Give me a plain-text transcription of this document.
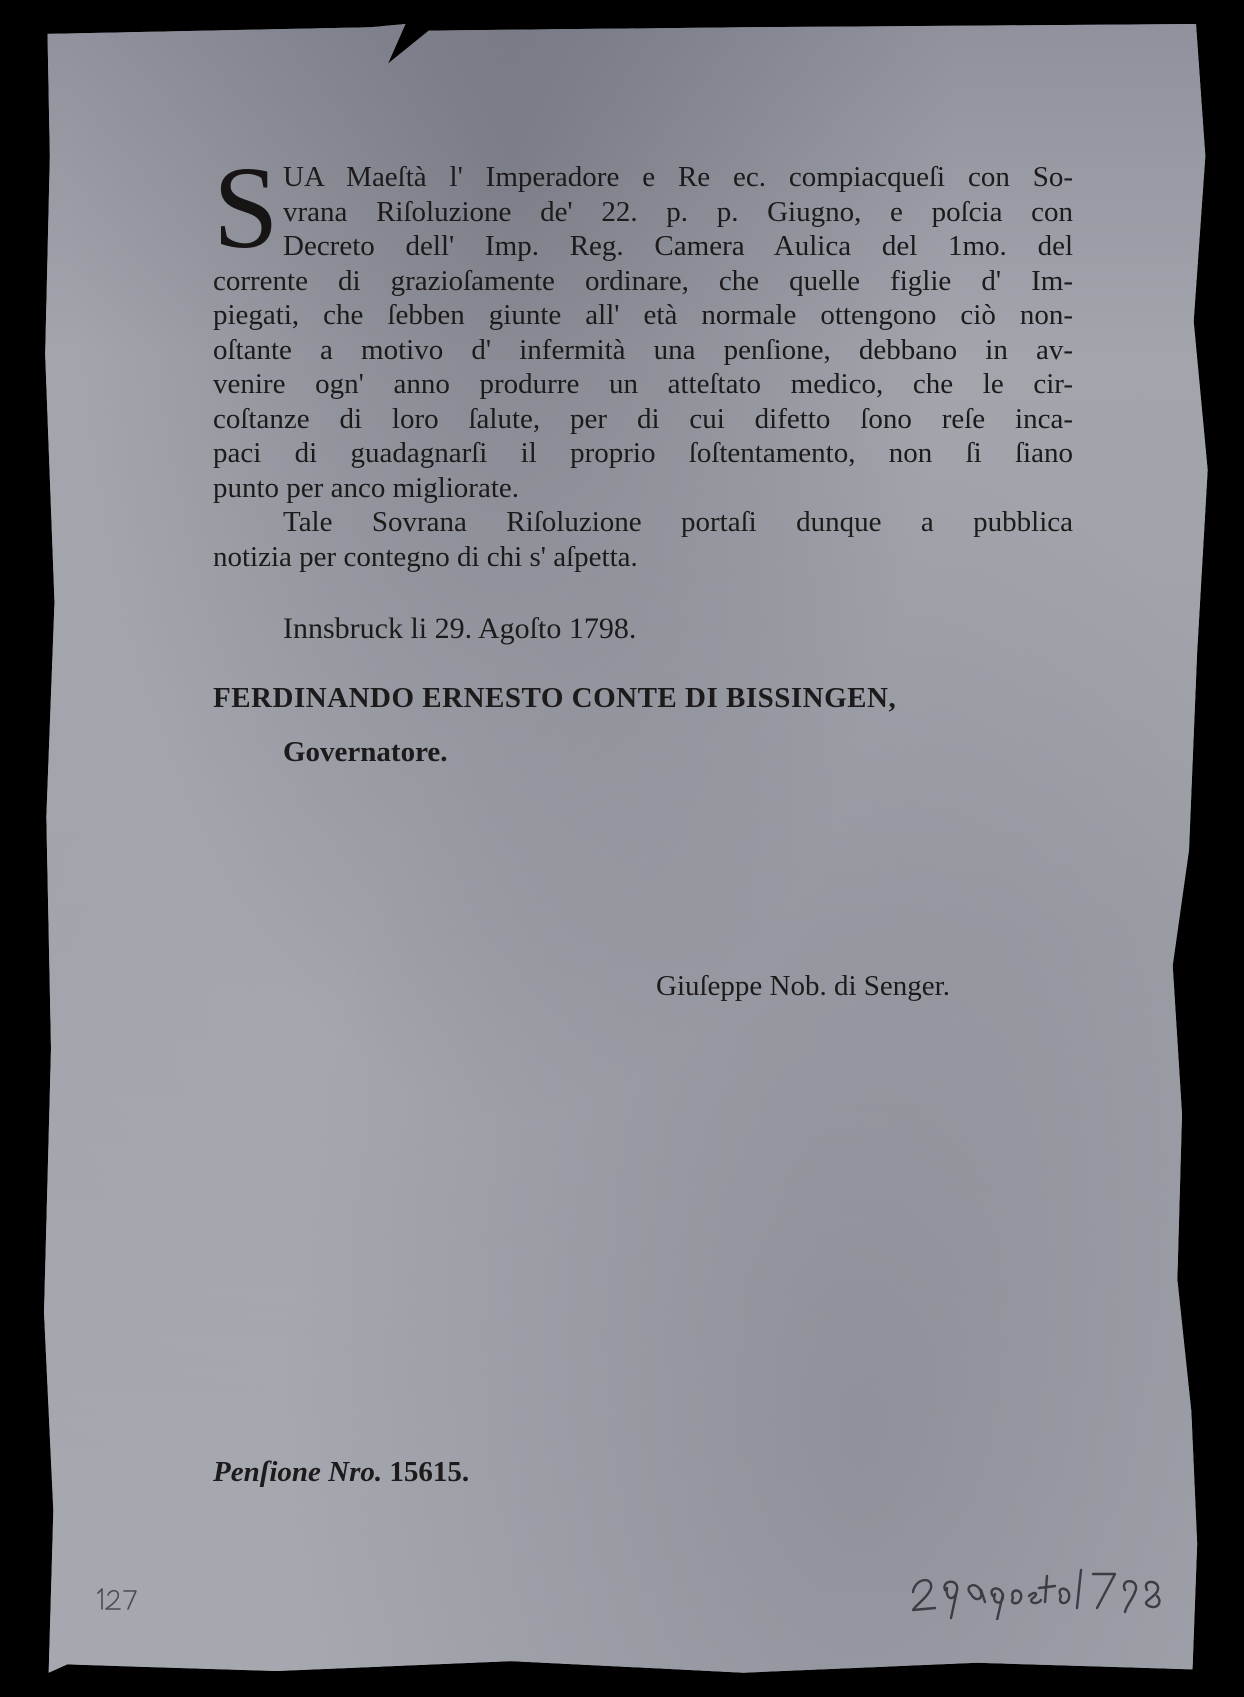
S UA Maeſtà l' Imperadore e Re ec. compiacqueſi con So-
vrana Riſoluzione de' 22. p. p. Giugno, e poſcia con
Decreto dell' Imp. Reg. Camera Aulica del 1mo. del
corrente di grazioſamente ordinare, che quelle figlie d' Im-
piegati, che ſebben giunte all' età normale ottengono ciò non-
oſtante a motivo d' infermità una penſione, debbano in av-
venire ogn' anno produrre un atteſtato medico, che le cir-
coſtanze di loro ſalute, per di cui difetto ſono reſe inca-
paci di guadagnarſi il proprio ſoſtentamento, non ſi ſiano
punto per anco migliorate.
Tale Sovrana Riſoluzione portaſi dunque a pubblica
notizia per contegno di chi s' aſpetta.
Innsbruck li 29. Agoſto 1798.
FERDINANDO ERNESTO CONTE DI BISSINGEN,
Governatore.
Giuſeppe Nob. di Senger.
Penſione Nro. 15615.
